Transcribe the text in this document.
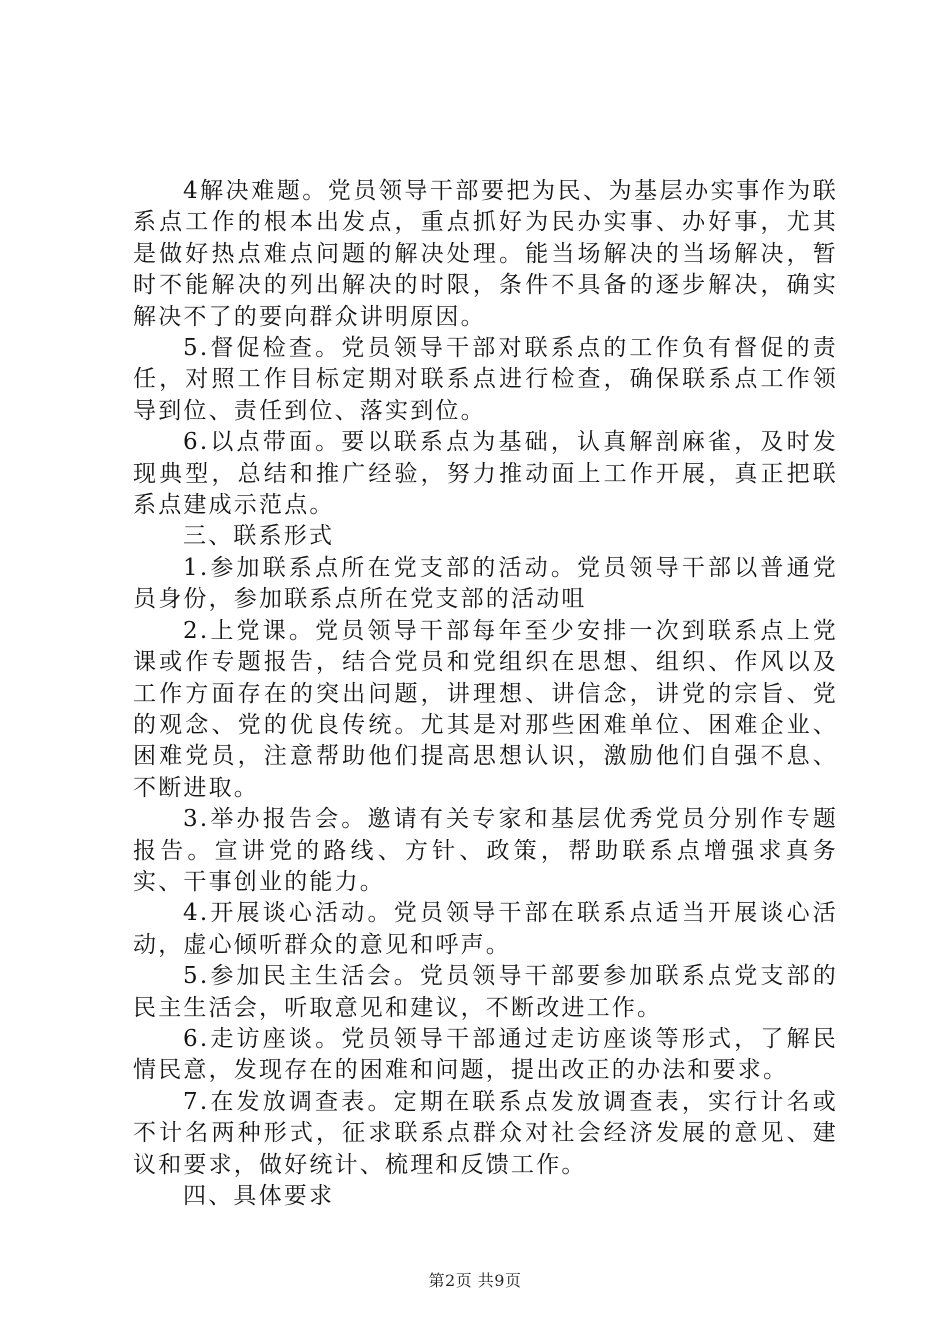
4解决难题。党员领导干部要把为民、为基层办实事作为联系点工作的根本出发点，重点抓好为民办实事、办好事，尤其是做好热点难点问题的解决处理。能当场解决的当场解决，暂时不能解决的列出解决的时限，条件不具备的逐步解决，确实解决不了的要向群众讲明原因。

5.督促检查。党员领导干部对联系点的工作负有督促的责任，对照工作目标定期对联系点进行检查，确保联系点工作领导到位、责任到位、落实到位。

6.以点带面。要以联系点为基础，认真解剖麻雀，及时发现典型，总结和推广经验，努力推动面上工作开展，真正把联系点建成示范点。

三、联系形式

1.参加联系点所在党支部的活动。党员领导干部以普通党员身份，参加联系点所在党支部的活动咀

2.上党课。党员领导干部每年至少安排一次到联系点上党课或作专题报告，结合党员和党组织在思想、组织、作风以及工作方面存在的突出问题，讲理想、讲信念，讲党的宗旨、党的观念、党的优良传统。尤其是对那些困难单位、困难企业、困难党员，注意帮助他们提高思想认识，激励他们自强不息、不断进取。

3.举办报告会。邀请有关专家和基层优秀党员分别作专题报告。宣讲党的路线、方针、政策，帮助联系点增强求真务实、干事创业的能力。

4.开展谈心活动。党员领导干部在联系点适当开展谈心活动，虚心倾听群众的意见和呼声。

5.参加民主生活会。党员领导干部要参加联系点党支部的民主生活会，听取意见和建议，不断改进工作。

6.走访座谈。党员领导干部通过走访座谈等形式，了解民情民意，发现存在的困难和问题，提出改正的办法和要求。

7.在发放调查表。定期在联系点发放调查表，实行计名或不计名两种形式，征求联系点群众对社会经济发展的意见、建议和要求，做好统计、梳理和反馈工作。

四、具体要求

第2页 共9页
